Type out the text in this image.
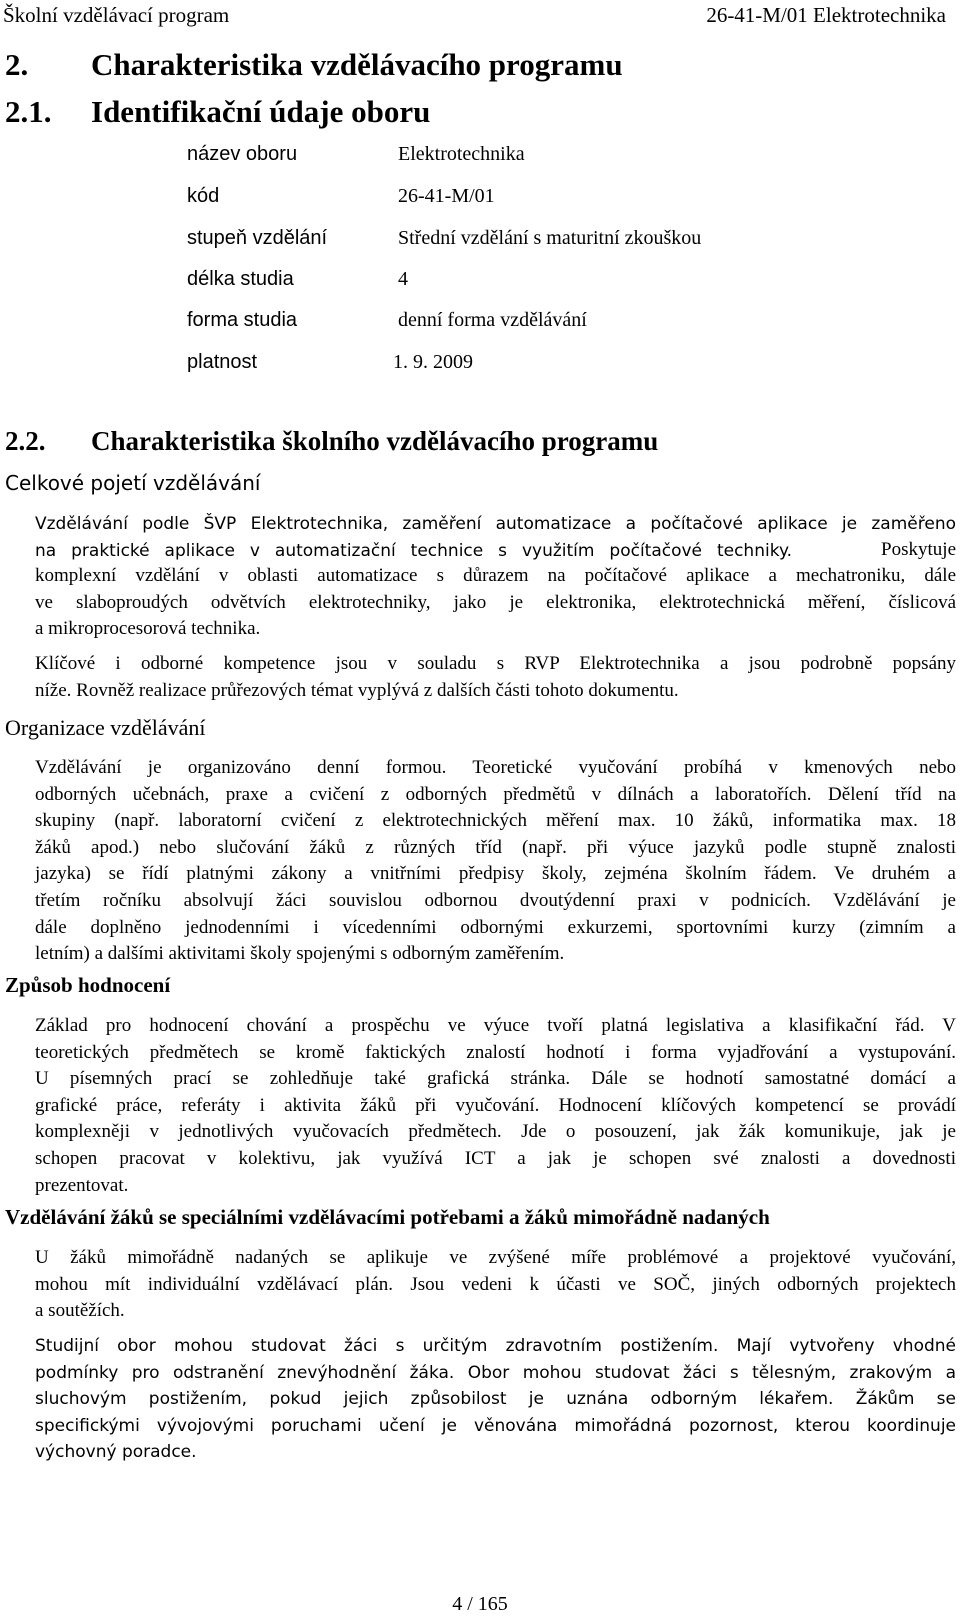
Školní vzdělávací program	26-41-M/01 Elektrotechnika
2. Charakteristika vzdělávacího programu
2.1. Identifikační údaje oboru
název oboru	Elektrotechnika
kód	26-41-M/01
stupeň vzdělání	Střední vzdělání s maturitní zkouškou
délka studia	4
forma studia	denní forma vzdělávání
platnost	1. 9. 2009
2.2. Charakteristika školního vzdělávacího programu
Celkové pojetí vzdělávání
Vzdělávání podle ŠVP Elektrotechnika, zaměření automatizace a počítačové aplikace je zaměřeno
na praktické aplikace v automatizační technice s využitím počítačové techniky.	Poskytuje
komplexní vzdělání v oblasti automatizace s důrazem na počítačové aplikace a mechatroniku, dále
ve slaboproudých odvětvích elektrotechniky, jako je elektronika, elektrotechnická měření, číslicová
a mikroprocesorová technika.
Klíčové i odborné kompetence jsou v souladu s RVP Elektrotechnika a jsou podrobně popsány
níže. Rovněž realizace průřezových témat vyplývá z dalších části tohoto dokumentu.
Organizace vzdělávání
Vzdělávání je organizováno denní formou. Teoretické vyučování probíhá v kmenových nebo
odborných učebnách, praxe a cvičení z odborných předmětů v dílnách a laboratořích. Dělení tříd na
skupiny (např. laboratorní cvičení z elektrotechnických měření max. 10 žáků, informatika max. 18
žáků apod.) nebo slučování žáků z různých tříd (např. při výuce jazyků podle stupně znalosti
jazyka) se řídí platnými zákony a vnitřními předpisy školy, zejména školním řádem. Ve druhém a
třetím ročníku absolvují žáci souvislou odbornou dvoutýdenní praxi v podnicích. Vzdělávání je
dále doplněno jednodenními i vícedenními odbornými exkurzemi, sportovními kurzy (zimním a
letním) a dalšími aktivitami školy spojenými s odborným zaměřením.
Způsob hodnocení
Základ pro hodnocení chování a prospěchu ve výuce tvoří platná legislativa a klasifikační řád. V
teoretických předmětech se kromě faktických znalostí hodnotí i forma vyjadřování a vystupování.
U písemných prací se zohledňuje také grafická stránka. Dále se hodnotí samostatné domácí a
grafické práce, referáty i aktivita žáků při vyučování. Hodnocení klíčových kompetencí se provádí
komplexněji v jednotlivých vyučovacích předmětech. Jde o posouzení, jak žák komunikuje, jak je
schopen pracovat v kolektivu, jak využívá ICT a jak je schopen své znalosti a dovednosti
prezentovat.
Vzdělávání žáků se speciálními vzdělávacími potřebami a žáků mimořádně nadaných
U žáků mimořádně nadaných se aplikuje ve zvýšené míře problémové a projektové vyučování,
mohou mít individuální vzdělávací plán. Jsou vedeni k účasti ve SOČ, jiných odborných projektech
a soutěžích.
Studijní obor mohou studovat žáci s určitým zdravotním postižením. Mají vytvořeny vhodné
podmínky pro odstranění znevýhodnění žáka. Obor mohou studovat žáci s tělesným, zrakovým a
sluchovým postižením, pokud jejich způsobilost je uznána odborným lékařem. Žákům se
specifickými vývojovými poruchami učení je věnována mimořádná pozornost, kterou koordinuje
výchovný poradce.
4 / 165
